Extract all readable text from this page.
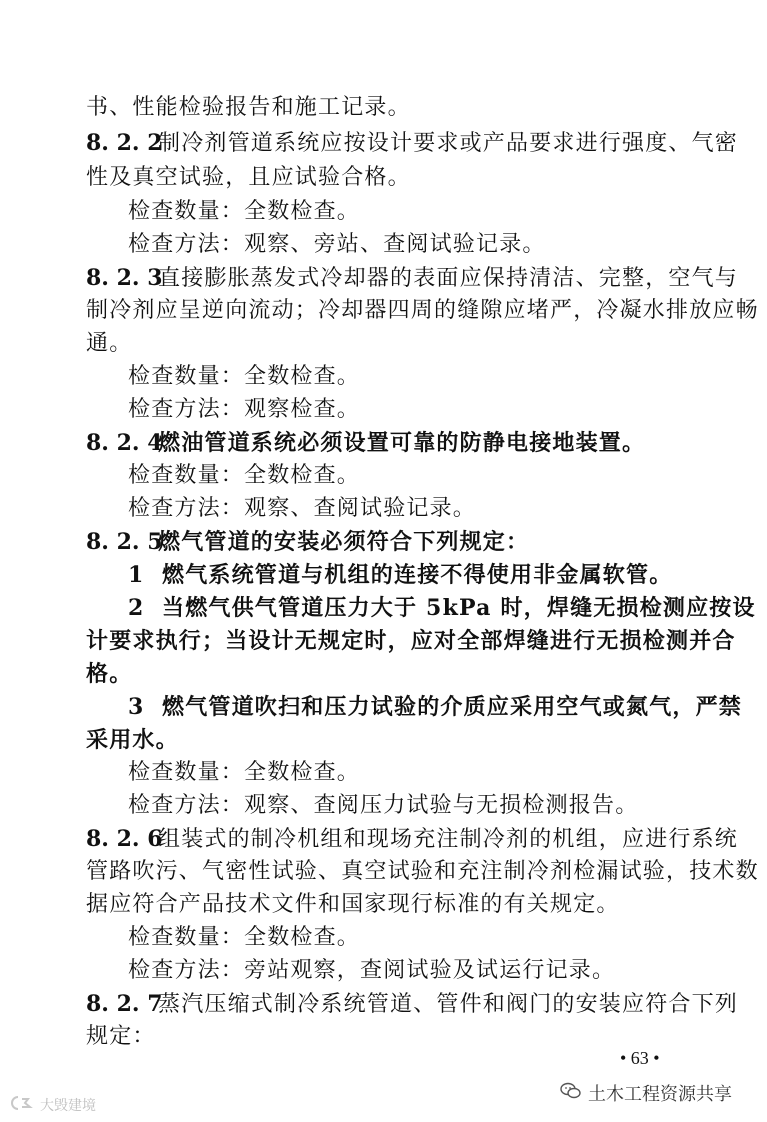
书、性能检验报告和施工记录。
8. 2. 2制冷剂管道系统应按设计要求或产品要求进行强度、气密
性及真空试验，且应试验合格。
检查数量：全数检查。
检查方法：观察、旁站、查阅试验记录。
8. 2. 3直接膨胀蒸发式冷却器的表面应保持清洁、完整，空气与
制冷剂应呈逆向流动；冷却器四周的缝隙应堵严，冷凝水排放应畅
通。
检查数量：全数检查。
检查方法：观察检查。
8. 2. 4燃油管道系统必须设置可靠的防静电接地装置。
检查数量：全数检查。
检查方法：观察、查阅试验记录。
8. 2. 5燃气管道的安装必须符合下列规定：
1 燃气系统管道与机组的连接不得使用非金属软管。
2 当燃气供气管道压力大于 5kPa 时，焊缝无损检测应按设
计要求执行；当设计无规定时，应对全部焊缝进行无损检测并合
格。
3 燃气管道吹扫和压力试验的介质应采用空气或氮气，严禁
采用水。
检查数量：全数检查。
检查方法：观察、查阅压力试验与无损检测报告。
8. 2. 6组装式的制冷机组和现场充注制冷剂的机组，应进行系统
管路吹污、气密性试验、真空试验和充注制冷剂检漏试验，技术数
据应符合产品技术文件和国家现行标准的有关规定。
检查数量：全数检查。
检查方法：旁站观察，查阅试验及试运行记录。
8. 2. 7蒸汽压缩式制冷系统管道、管件和阀门的安装应符合下列
规定：
• 63 •
土木工程资源共享
大毁建境
